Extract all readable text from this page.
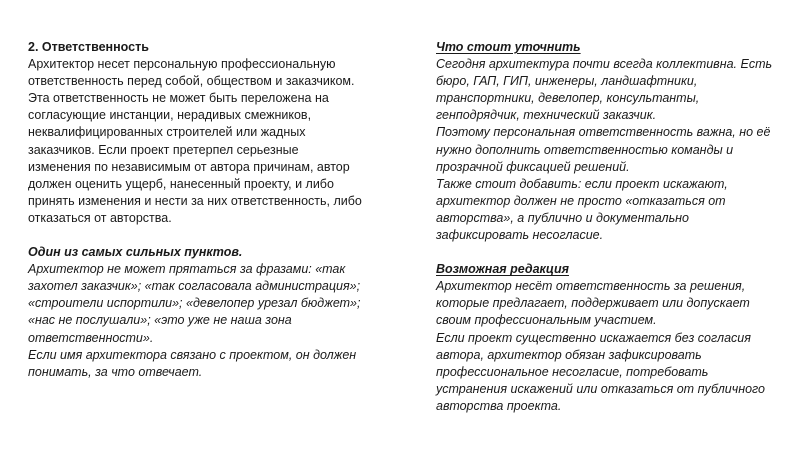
2. Ответственность
Архитектор несет персональную профессиональную
ответственность перед собой, обществом и заказчиком.
Эта ответственность не может быть переложена на
согласующие инстанции, нерадивых смежников,
неквалифицированных строителей или жадных
заказчиков. Если проект претерпел серьезные
изменения по независимым от автора причинам, автор
должен оценить ущерб, нанесенный проекту, и либо
принять изменения и нести за них ответственность, либо
отказаться от авторства.
Один из самых сильных пунктов.
Архитектор не может прятаться за фразами: «так
захотел заказчик»; «так согласовала администрация»;
«строители испортили»; «девелопер урезал бюджет»;
«нас не послушали»; «это уже не наша зона
ответственности».
Если имя архитектора связано с проектом, он должен
понимать, за что отвечает.
Что стоит уточнить
Сегодня архитектура почти всегда коллективна. Есть
бюро, ГАП, ГИП, инженеры, ландшафтники,
транспортники, девелопер, консультанты,
генподрядчик, технический заказчик.
Поэтому персональная ответственность важна, но её
нужно дополнить ответственностью команды и
прозрачной фиксацией решений.
Также стоит добавить: если проект искажают,
архитектор должен не просто «отказаться от
авторства», а публично и документально
зафиксировать несогласие.
Возможная редакция
Архитектор несёт ответственность за решения,
которые предлагает, поддерживает или допускает
своим профессиональным участием.
Если проект существенно искажается без согласия
автора, архитектор обязан зафиксировать
профессиональное несогласие, потребовать
устранения искажений или отказаться от публичного
авторства проекта.
